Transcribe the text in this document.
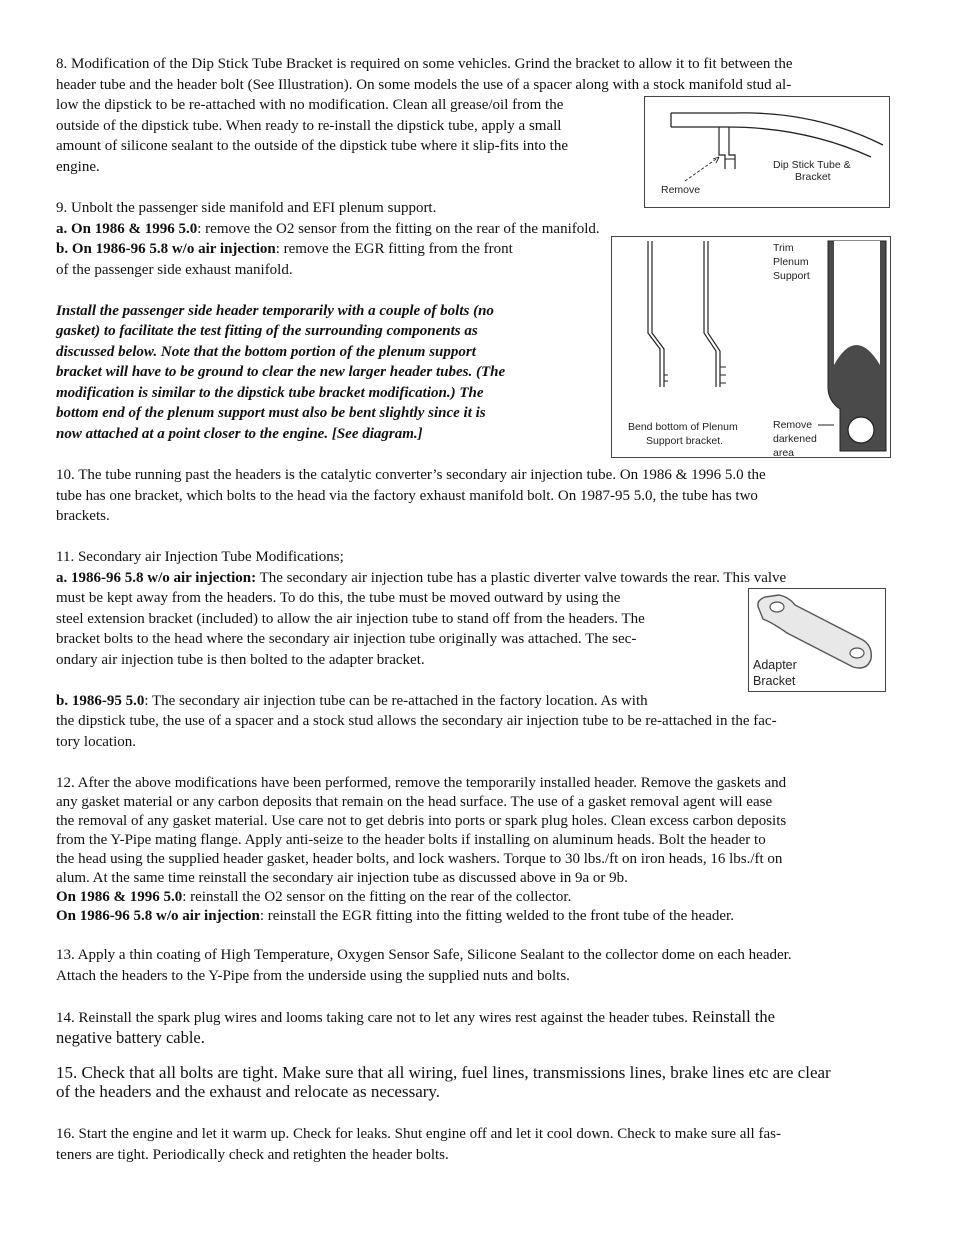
8. Modification of the Dip Stick Tube Bracket is required on some vehicles. Grind the bracket to allow it to fit between the

header tube and the header bolt (See Illustration). On some models the use of a spacer along with a stock manifold stud al-

low the dipstick to be re-attached with no modification. Clean all grease/oil from the

outside of the dipstick tube. When ready to re-install the dipstick tube, apply a small

amount of silicone sealant to the outside of the dipstick tube where it slip-fits into the

engine.

Remove
Dip Stick Tube &
Bracket

9. Unbolt the passenger side manifold and EFI plenum support.

a. On 1986 & 1996 5.0: remove the O2 sensor from the fitting on the rear of the manifold.

b. On 1986-96 5.8 w/o air injection: remove the EGR fitting from the front

of the passenger side exhaust manifold.

Install the passenger side header temporarily with a couple of bolts (no

gasket) to facilitate the test fitting of the surrounding components as

discussed below. Note that the bottom portion of the plenum support

bracket will have to be ground to clear the new larger header tubes. (The

modification is similar to the dipstick tube bracket modification.) The

bottom end of the plenum support must also be bent slightly since it is

now attached at a point closer to the engine. [See diagram.]

Trim
Plenum
Support
Bend bottom of Plenum
Support bracket.
Remove
darkened
area

10. The tube running past the headers is the catalytic converter’s secondary air injection tube. On 1986 & 1996 5.0 the

tube has one bracket, which bolts to the head via the factory exhaust manifold bolt. On 1987-95 5.0, the tube has two

brackets.

11. Secondary air Injection Tube Modifications;

a. 1986-96 5.8 w/o air injection: The secondary air injection tube has a plastic diverter valve towards the rear. This valve

must be kept away from the headers. To do this, the tube must be moved outward by using the

steel extension bracket (included) to allow the air injection tube to stand off from the headers. The

bracket bolts to the head where the secondary air injection tube originally was attached. The sec-

ondary air injection tube is then bolted to the adapter bracket.

b. 1986-95 5.0: The secondary air injection tube can be re-attached in the factory location. As with

the dipstick tube, the use of a spacer and a stock stud allows the secondary air injection tube to be re-attached in the fac-

tory location.

Adapter
Bracket

12. After the above modifications have been performed, remove the temporarily installed header. Remove the gaskets and

any gasket material or any carbon deposits that remain on the head surface. The use of a gasket removal agent will ease

the removal of any gasket material. Use care not to get debris into ports or spark plug holes. Clean excess carbon deposits

from the Y-Pipe mating flange. Apply anti-seize to the header bolts if installing on aluminum heads. Bolt the header to

the head using the supplied header gasket, header bolts, and lock washers. Torque to 30 lbs./ft on iron heads, 16 lbs./ft on

alum. At the same time reinstall the secondary air injection tube as discussed above in 9a or 9b.

On 1986 & 1996 5.0: reinstall the O2 sensor on the fitting on the rear of the collector.

On 1986-96 5.8 w/o air injection: reinstall the EGR fitting into the fitting welded to the front tube of the header.

13. Apply a thin coating of High Temperature, Oxygen Sensor Safe, Silicone Sealant to the collector dome on each header.

Attach the headers to the Y-Pipe from the underside using the supplied nuts and bolts.

14. Reinstall the spark plug wires and looms taking care not to let any wires rest against the header tubes. Reinstall the

negative battery cable.

15. Check that all bolts are tight. Make sure that all wiring, fuel lines, transmissions lines, brake lines etc are clear

of the headers and the exhaust and relocate as necessary.

16. Start the engine and let it warm up. Check for leaks. Shut engine off and let it cool down. Check to make sure all fas-

teners are tight. Periodically check and retighten the header bolts.
